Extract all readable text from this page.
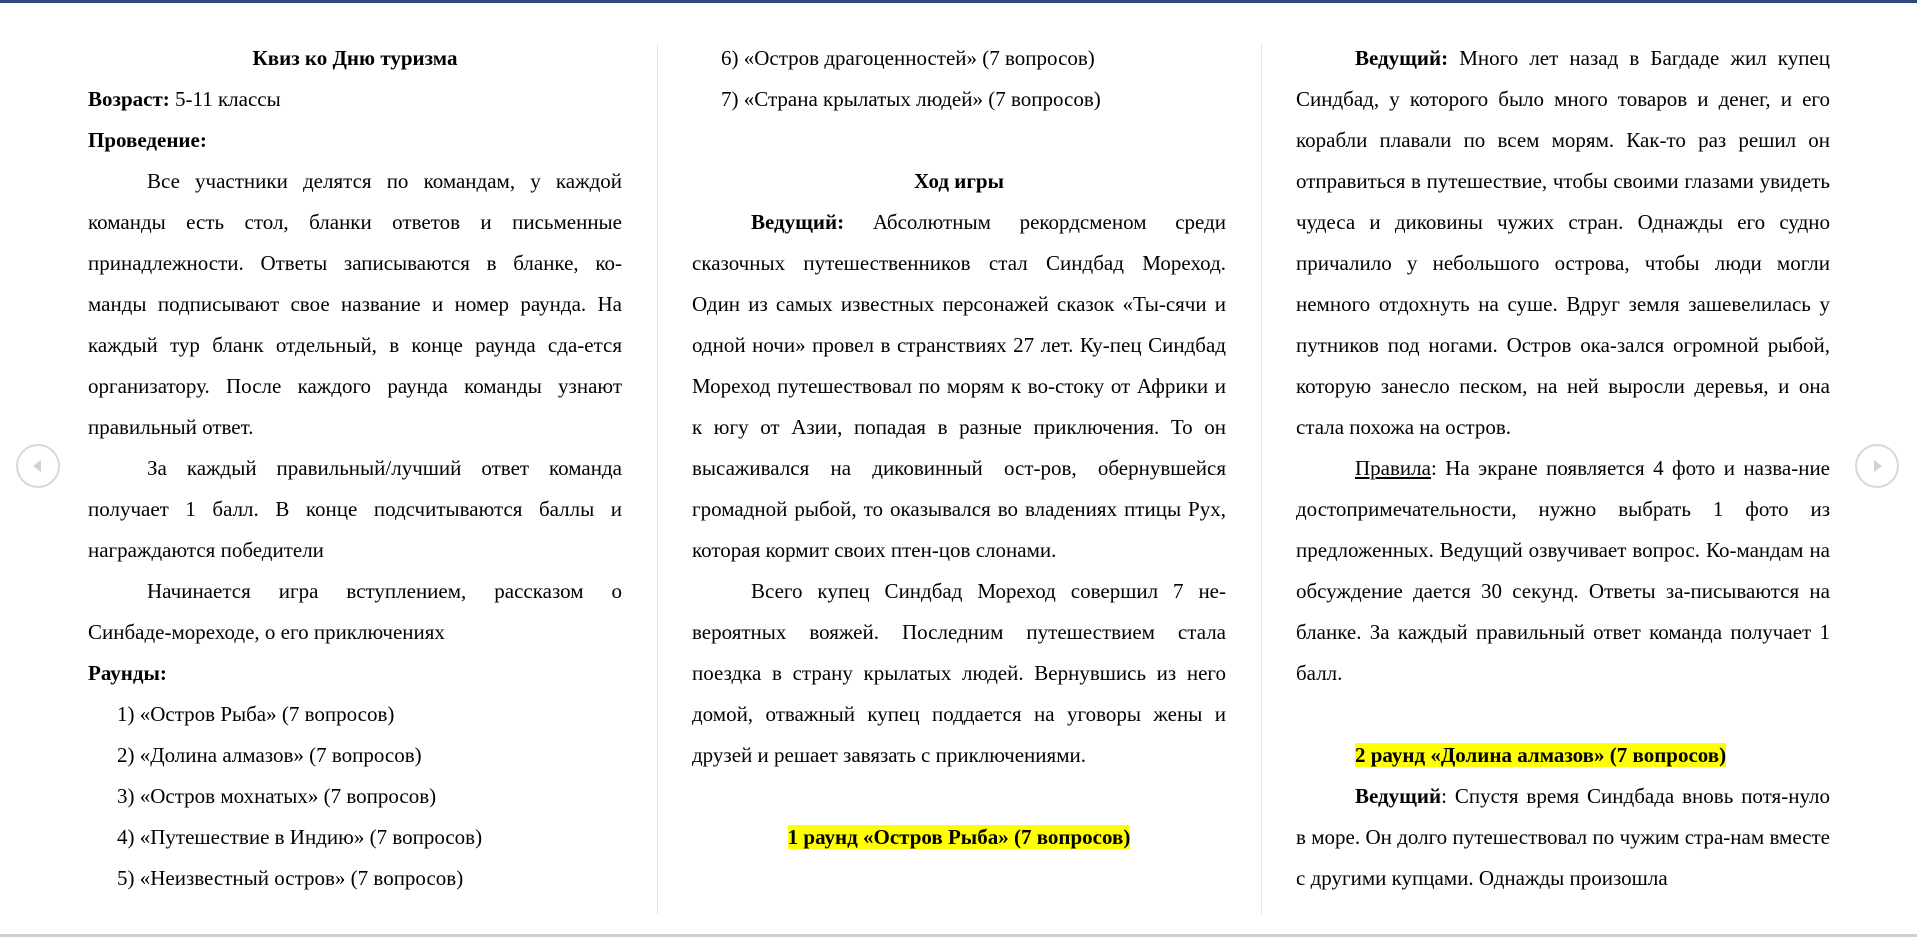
Квиз ко Дню туризма

Возраст: 5-11 классы

Проведение:

Все участники делятся по командам, у каждой команды есть стол, бланки ответов и письменные принадлежности. Ответы записываются в бланке, ко-манды подписывают свое название и номер раунда. На каждый тур бланк отдельный, в конце раунда сда-ется организатору. После каждого раунда команды узнают правильный ответ.

За каждый правильный/лучший ответ команда получает 1 балл. В конце подсчитываются баллы и награждаются победители

Начинается игра вступлением, рассказом о

Синбаде-мореходе, о его приключениях

Раунды:

1) «Остров Рыба» (7 вопросов)

2) «Долина алмазов» (7 вопросов)

3) «Остров мохнатых» (7 вопросов)

4) «Путешествие в Индию» (7 вопросов)

5) «Неизвестный остров» (7 вопросов)

6) «Остров драгоценностей» (7 вопросов)

7) «Страна крылатых людей» (7 вопросов)

Ход игры

Ведущий: Абсолютным рекордсменом среди сказочных путешественников стал Синдбад Мореход. Один из самых известных персонажей сказок «Ты-сячи и одной ночи» провел в странствиях 27 лет. Ку-пец Синдбад Мореход путешествовал по морям к во-стоку от Африки и к югу от Азии, попадая в разные приключения. То он высаживался на диковинный ост-ров, обернувшейся громадной рыбой, то оказывался во владениях птицы Рух, которая кормит своих птен-цов слонами.

Всего купец Синдбад Мореход совершил 7 не-вероятных вояжей. Последним путешествием стала поездка в страну крылатых людей. Вернувшись из него домой, отважный купец поддается на уговоры жены и друзей и решает завязать с приключениями.

1 раунд «Остров Рыба» (7 вопросов)

Ведущий: Много лет назад в Багдаде жил купец Синдбад, у которого было много товаров и денег, и его корабли плавали по всем морям. Как-то раз решил он отправиться в путешествие, чтобы своими глазами увидеть чудеса и диковины чужих стран. Однажды его судно причалило у небольшого острова, чтобы люди могли немного отдохнуть на суше. Вдруг земля зашевелилась у путников под ногами. Остров ока-зался огромной рыбой, которую занесло песком, на ней выросли деревья, и она стала похожа на остров.

Правила: На экране появляется 4 фото и назва-ние достопримечательности, нужно выбрать 1 фото из предложенных. Ведущий озвучивает вопрос. Ко-мандам на обсуждение дается 30 секунд. Ответы за-писываются на бланке. За каждый правильный ответ команда получает 1 балл.

2 раунд «Долина алмазов» (7 вопросов)

Ведущий: Спустя время Синдбада вновь потя-нуло в море. Он долго путешествовал по чужим стра-нам вместе с другими купцами. Однажды произошла
